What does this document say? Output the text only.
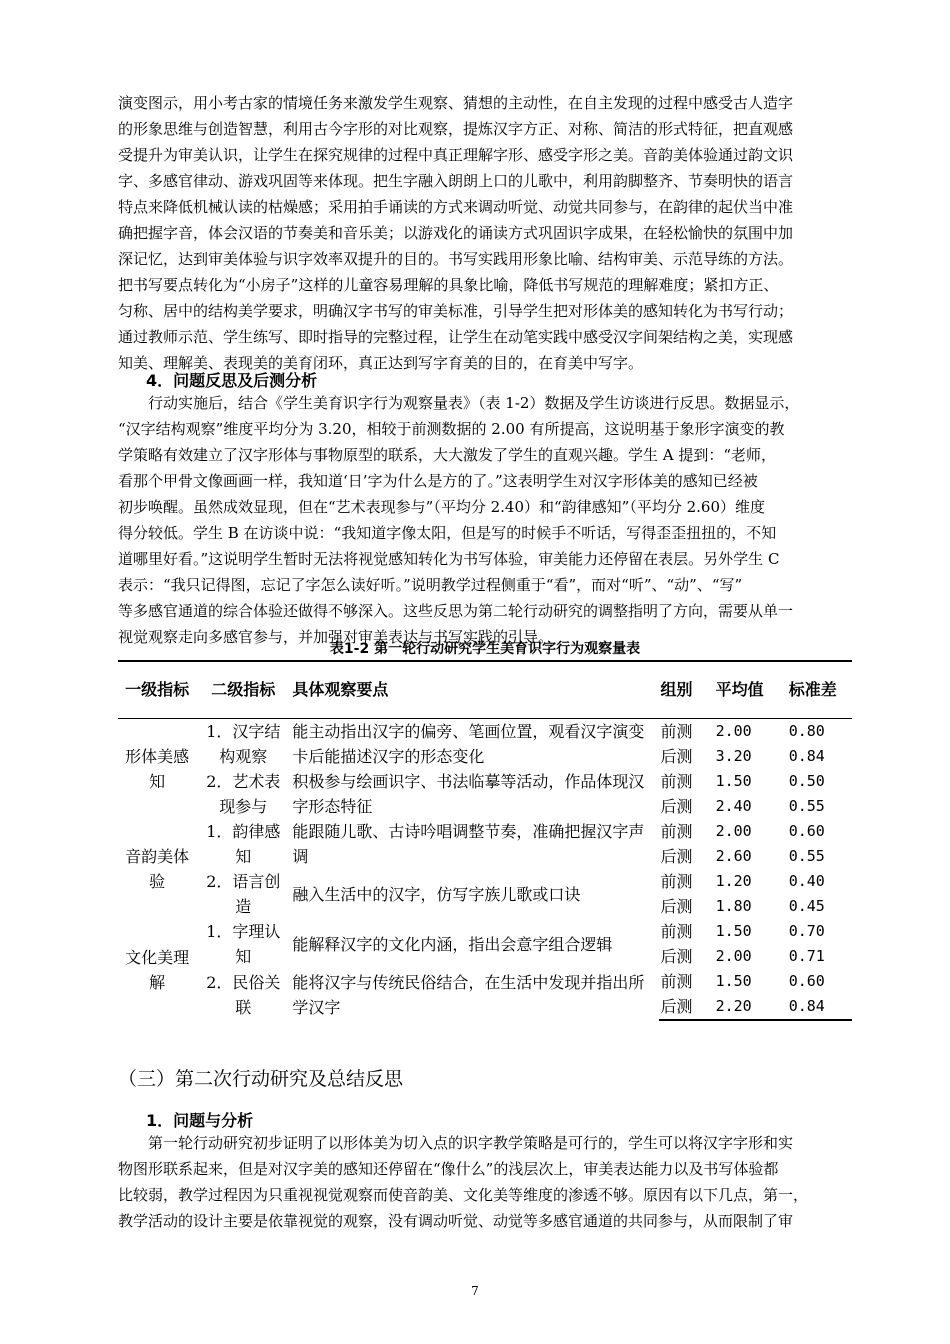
演变图示，用小考古家的情境任务来激发学生观察、猜想的主动性，在自主发现的过程中感受古人造字
的形象思维与创造智慧，利用古今字形的对比观察，提炼汉字方正、对称、简洁的形式特征，把直观感
受提升为审美认识，让学生在探究规律的过程中真正理解字形、感受字形之美。音韵美体验通过韵文识
字、多感官律动、游戏巩固等来体现。把生字融入朗朗上口的儿歌中，利用韵脚整齐、节奏明快的语言
特点来降低机械认读的枯燥感；采用拍手诵读的方式来调动听觉、动觉共同参与，在韵律的起伏当中准
确把握字音，体会汉语的节奏美和音乐美；以游戏化的诵读方式巩固识字成果，在轻松愉快的氛围中加
深记忆，达到审美体验与识字效率双提升的目的。书写实践用形象比喻、结构审美、示范导练的方法。
把书写要点转化为“小房子”这样的儿童容易理解的具象比喻，降低书写规范的理解难度；紧扣方正、
匀称、居中的结构美学要求，明确汉字书写的审美标准，引导学生把对形体美的感知转化为书写行动；
通过教师示范、学生练写、即时指导的完整过程，让学生在动笔实践中感受汉字间架结构之美，实现感
知美、理解美、表现美的美育闭环，真正达到写字育美的目的，在育美中写字。
4．问题反思及后测分析
　　行动实施后，结合《学生美育识字行为观察量表》（表 1-2）数据及学生访谈进行反思。数据显示，
“汉字结构观察”维度平均分为 3.20，相较于前测数据的 2.00 有所提高，这说明基于象形字演变的教
学策略有效建立了汉字形体与事物原型的联系，大大激发了学生的直观兴趣。学生 A 提到：“老师，
看那个甲骨文像画画一样，我知道‘日’字为什么是方的了。”这表明学生对汉字形体美的感知已经被
初步唤醒。虽然成效显现，但在“艺术表现参与”（平均分 2.40）和“韵律感知”（平均分 2.60）维度
得分较低。学生 B 在访谈中说：“我知道字像太阳，但是写的时候手不听话，写得歪歪扭扭的，不知
道哪里好看。”这说明学生暂时无法将视觉感知转化为书写体验，审美能力还停留在表层。另外学生 C
表示：“我只记得图，忘记了字怎么读好听。”说明教学过程侧重于“看”，而对“听”、“动”、“写”
等多感官通道的综合体验还做得不够深入。这些反思为第二轮行动研究的调整指明了方向，需要从单一
视觉观察走向多感官参与，并加强对审美表达与书写实践的引导。
表1-2 第一轮行动研究学生美育识字行为观察量表
一级指标	二级指标	具体观察要点	组别	平均值	标准差
形体美感知	1．汉字结构观察	能主动指出汉字的偏旁、笔画位置，观看汉字演变卡后能描述汉字的形态变化	前测	2.00	0.80
			后测	3.20	0.84
	2．艺术表现参与	积极参与绘画识字、书法临摹等活动，作品体现汉字形态特征	前测	1.50	0.50
			后测	2.40	0.55
音韵美体验	1．韵律感知	能跟随儿歌、古诗吟唱调整节奏，准确把握汉字声调	前测	2.00	0.60
			后测	2.60	0.55
	2．语言创造	融入生活中的汉字，仿写字族儿歌或口诀	前测	1.20	0.40
			后测	1.80	0.45
文化美理解	1．字理认知	能解释汉字的文化内涵，指出会意字组合逻辑	前测	1.50	0.70
			后测	2.00	0.71
	2．民俗关联	能将汉字与传统民俗结合，在生活中发现并指出所学汉字	前测	1.50	0.60
			后测	2.20	0.84
（三）第二次行动研究及总结反思
1．问题与分析
　　第一轮行动研究初步证明了以形体美为切入点的识字教学策略是可行的，学生可以将汉字字形和实
物图形联系起来，但是对汉字美的感知还停留在“像什么”的浅层次上，审美表达能力以及书写体验都
比较弱，教学过程因为只重视视觉观察而使音韵美、文化美等维度的渗透不够。原因有以下几点，第一，
教学活动的设计主要是依靠视觉的观察，没有调动听觉、动觉等多感官通道的共同参与，从而限制了审
7
